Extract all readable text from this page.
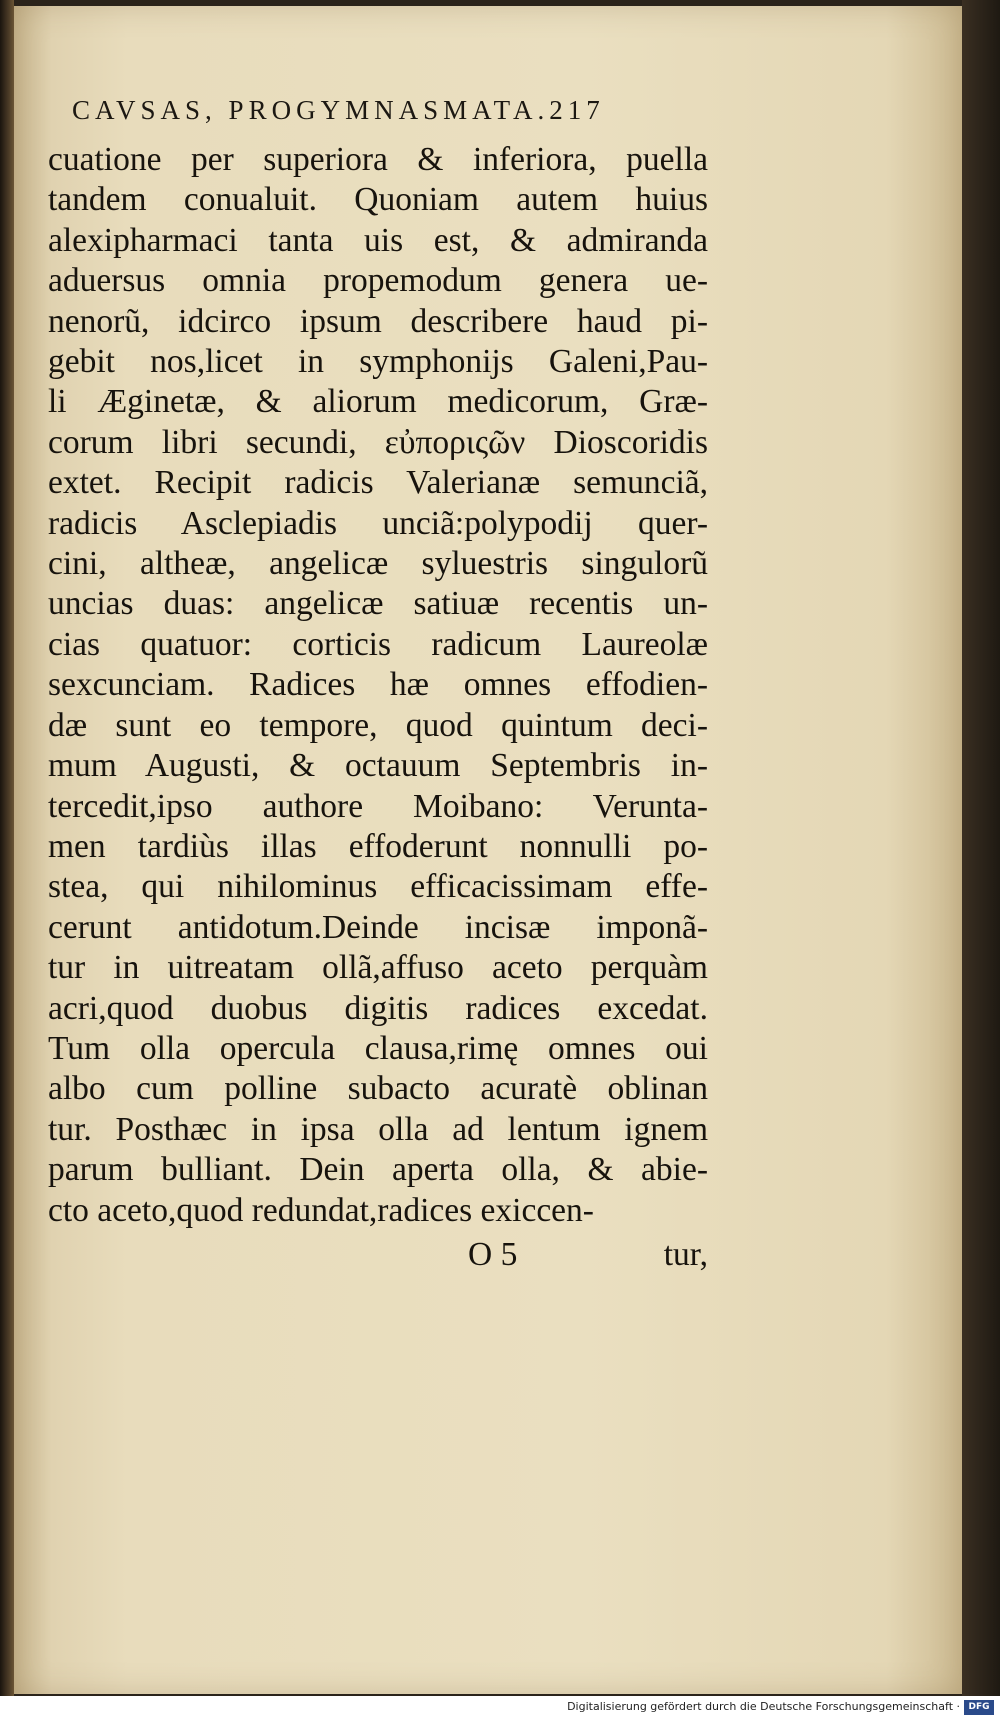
CAVSAS, PROGYMNASMATA.217
cuatione per superiora & inferiora, puella
tandem conualuit. Quoniam autem huius
alexipharmaci tanta uis est, & admiranda
aduersus omnia propemodum genera ue-
nenorũ, idcirco ipsum describere haud pi-
gebit nos,licet in symphonijs Galeni,Pau-
li Æginetæ, & aliorum medicorum, Græ-
corum libri secundi, εὐποριςῶν Dioscoridis
extet. Recipit radicis Valerianæ semunciã,
radicis Asclepiadis unciã:polypodij quer-
cini, altheæ, angelicæ syluestris singulorũ
uncias duas: angelicæ satiuæ recentis un-
cias quatuor: corticis radicum Laureolæ
sexcunciam. Radices hæ omnes effodien-
dæ sunt eo tempore, quod quintum deci-
mum Augusti, & octauum Septembris in-
tercedit,ipso authore Moibano: Verunta-
men tardiùs illas effoderunt nonnulli po-
stea, qui nihilominus efficacissimam effe-
cerunt antidotum.Deinde incisæ imponã-
tur in uitreatam ollã,affuso aceto perquàm
acri,quod duobus digitis radices excedat.
Tum olla opercula clausa,rimę omnes oui
albo cum polline subacto acuratè oblinan
tur. Posthæc in ipsa olla ad lentum ignem
parum bulliant. Dein aperta olla, & abie-
cto aceto,quod redundat,radices exiccen-
O 5	tur,
Digitalisierung gefördert durch die Deutsche Forschungsgemeinschaft · DFG
